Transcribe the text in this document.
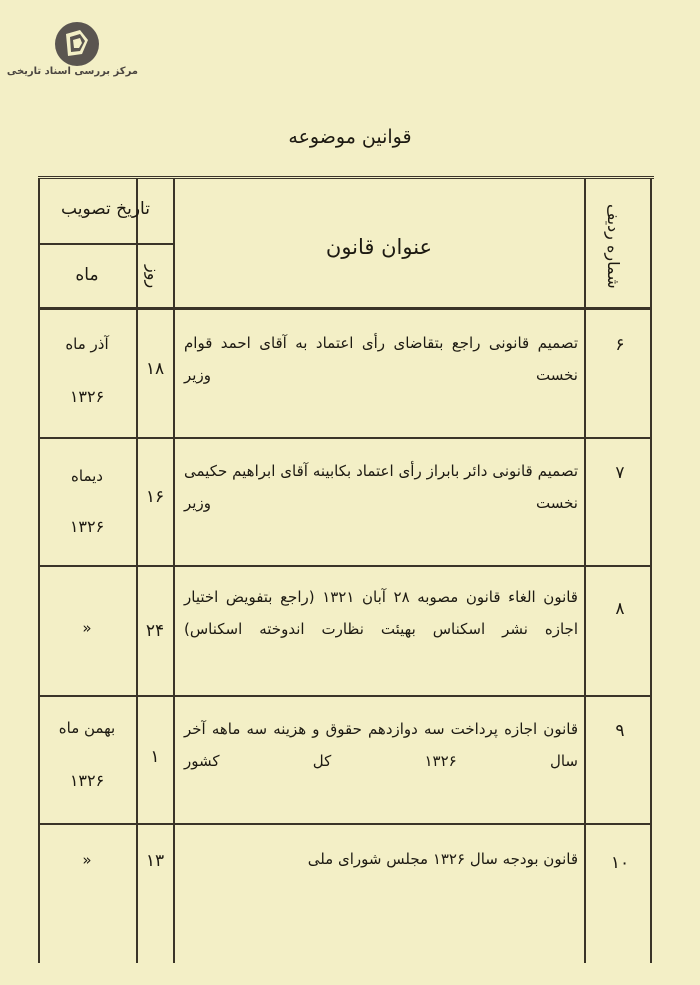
مرکز بررسی اسناد تاریخی
قوانین موضوعه
شماره ردیف
عنوان قانون
تاریخ تصویب
روز
ماه
۶
تصمیم قانونی راجع بتقاضای رأی اعتماد به آقای احمد قوام نخست وزیر
۱۸
آذر ماه
۱۳۲۶
۷
تصمیم قانونی دائر بابراز رأی اعتماد بکابینه آقای ابراهیم حکیمی نخست وزیر
۱۶
دیماه
۱۳۲۶
۸
قانون الغاء قانون مصوبه ۲۸ آبان ۱۳۲۱ (راجع بتفویض اختیار اجازه نشر اسکناس بهیئت نظارت اندوخته اسکناس)
۲۴
«
۹
قانون اجازه پرداخت سه دوازدهم حقوق و هزینه سه ماهه آخر سال ۱۳۲۶ کل کشور
۱
بهمن ماه
۱۳۲۶
۱۰
قانون بودجه سال ۱۳۲۶ مجلس شورای ملی
۱۳
«
